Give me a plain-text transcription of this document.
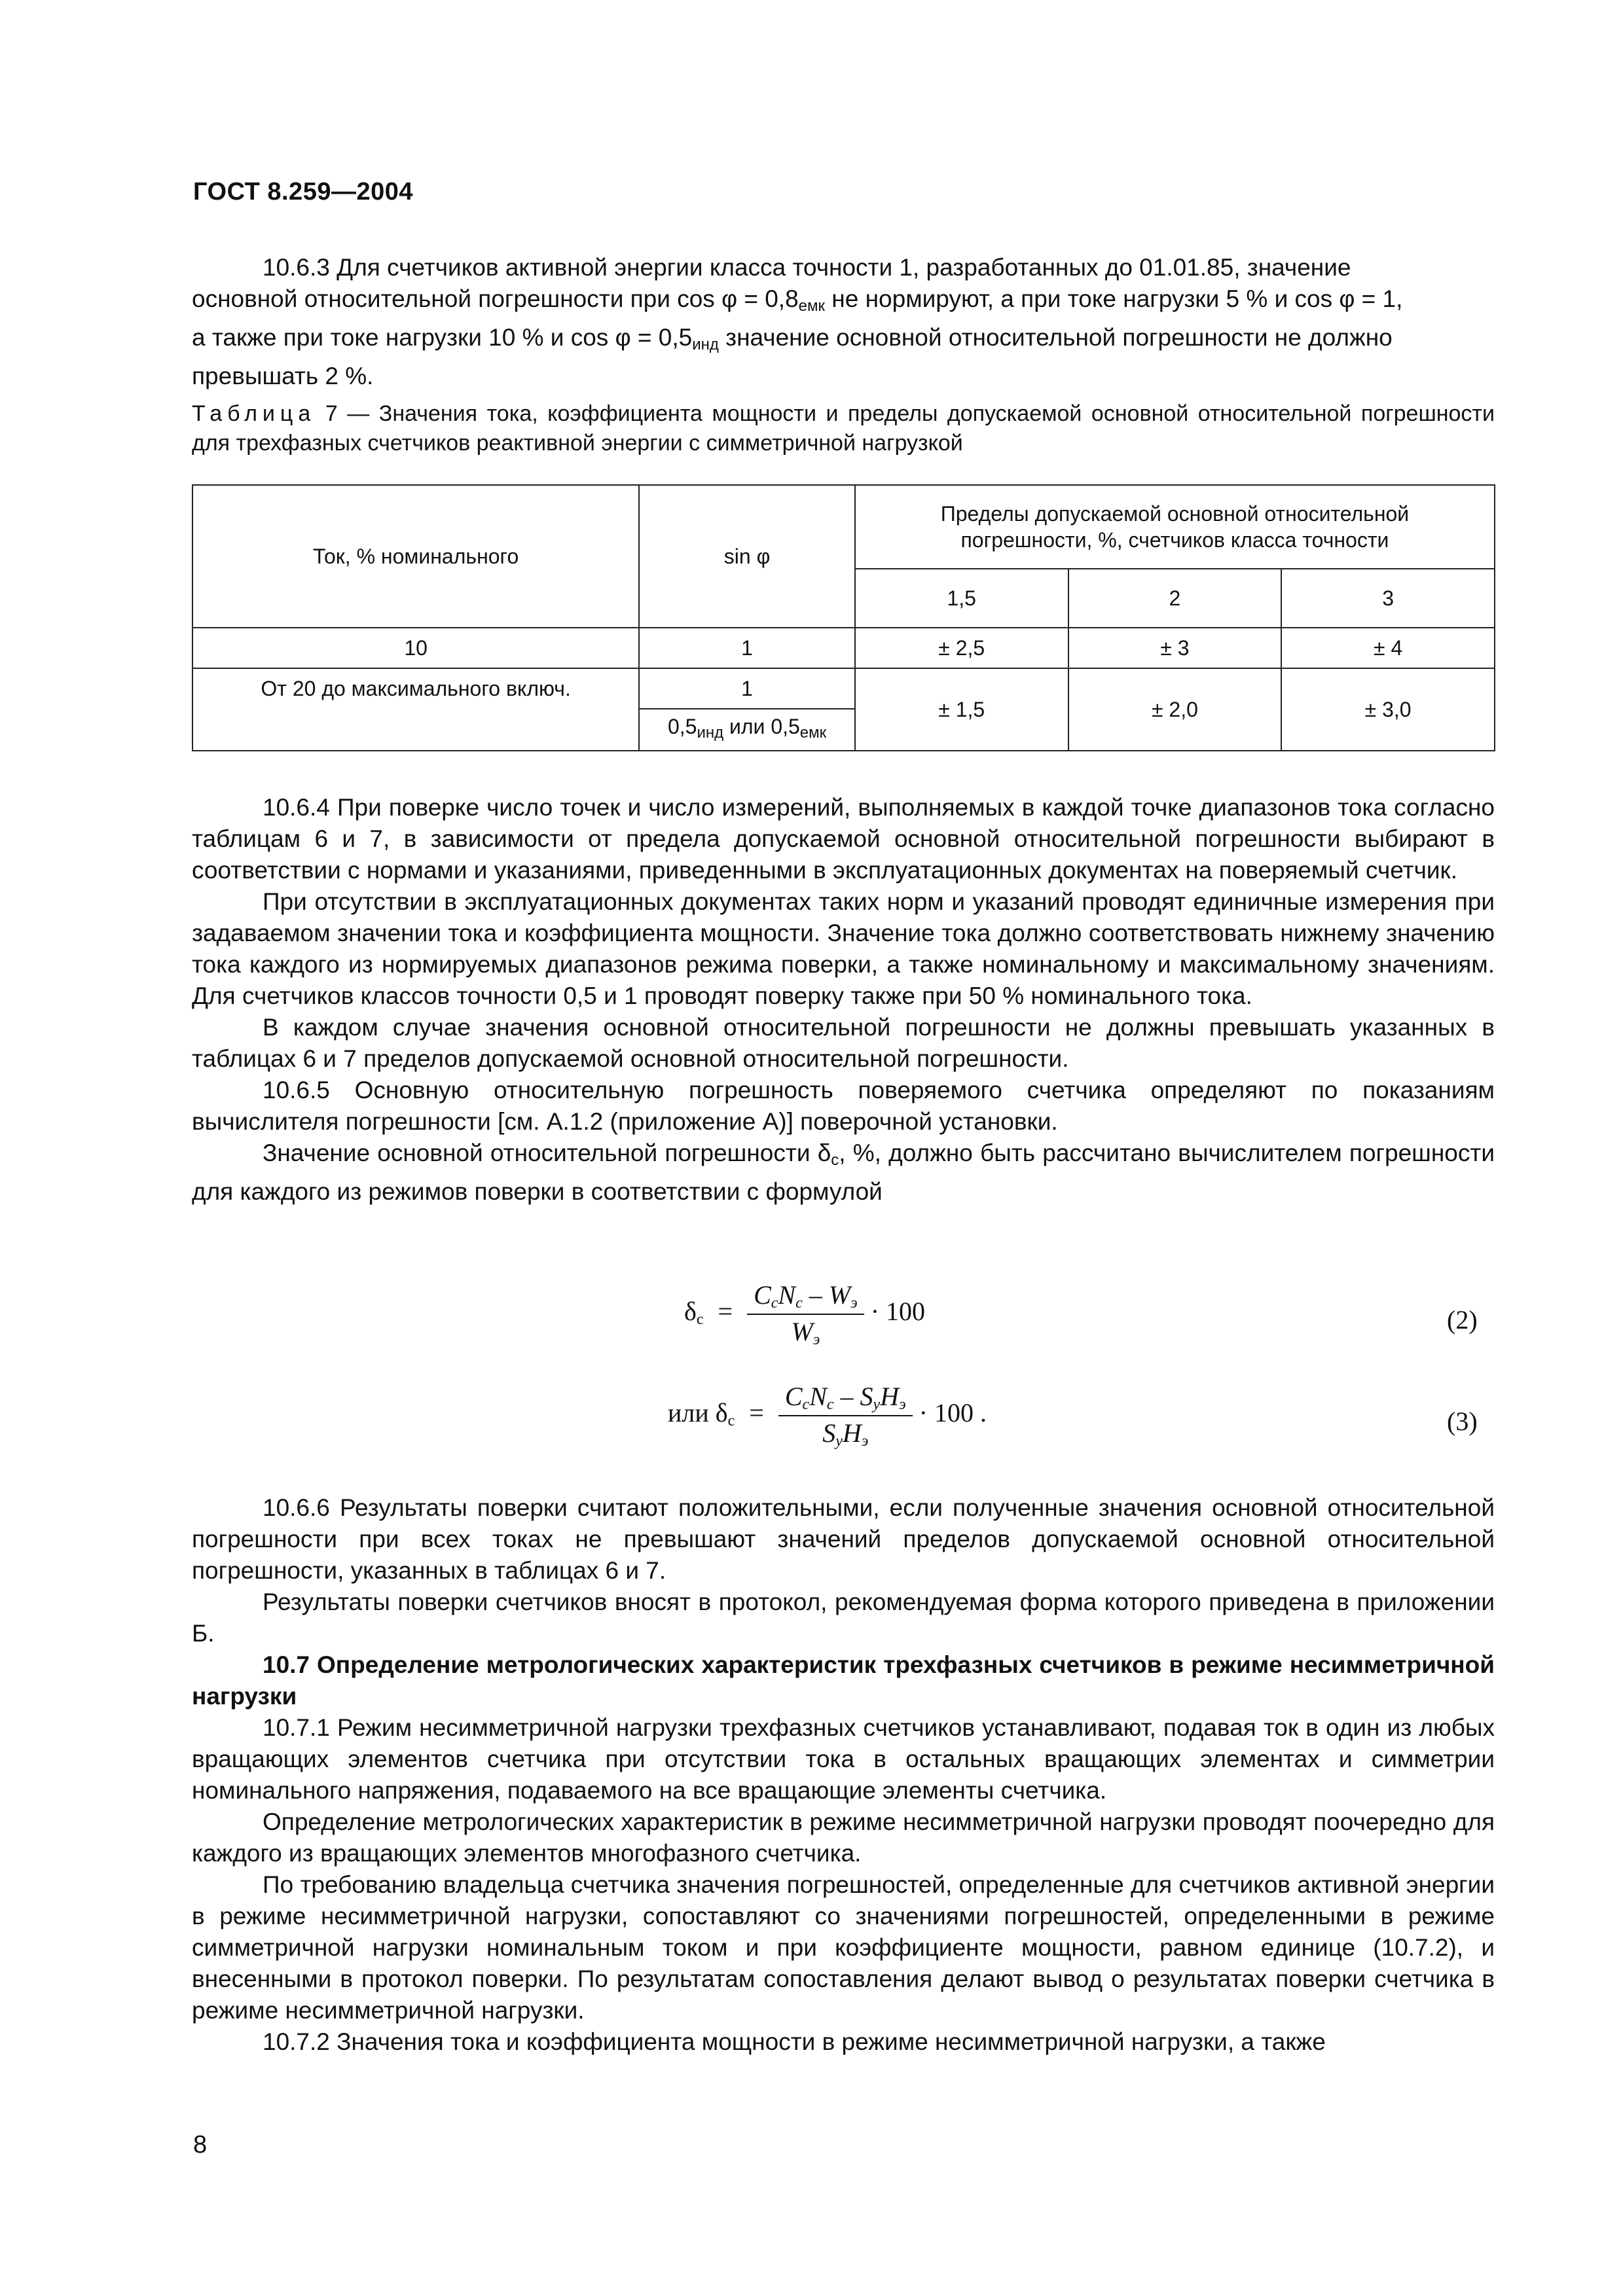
ГОСТ 8.259—2004
10.6.3 Для счетчиков активной энергии класса точности 1, разработанных до 01.01.85, значение
основной относительной погрешности при $\cos \varphi = 0,8_{емк}$ не нормируют, а при токе нагрузки 5 % и cos φ = 1,
а также при токе нагрузки 10 % и $\cos \varphi = 0,5_{инд}$ значение основной относительной погрешности не должно
превышать 2 %.
Таблица 7 — Значения тока, коэффициента мощности и пределы допускаемой основной относительной погрешности для трехфазных счетчиков реактивной энергии с симметричной нагрузкой
Ток, % номинального	sin φ	Пределы допускаемой основной относительной погрешности, %, счетчиков класса точности		
		1,5	2	3
10	1	± 2,5	± 3	± 4
От 20 до максимального включ.	1	± 1,5	± 2,0	± 3,0
	$0,5_{инд}$ или $0,5_{емк}$

10.6.4 При поверке число точек и число измерений, выполняемых в каждой точке диапазонов тока согласно таблицам 6 и 7, в зависимости от предела допускаемой основной относительной погрешности выбирают в соответствии с нормами и указаниями, приведенными в эксплуатационных документах на поверяемый счетчик.

При отсутствии в эксплуатационных документах таких норм и указаний проводят единичные измерения при задаваемом значении тока и коэффициента мощности. Значение тока должно соответствовать нижнему значению тока каждого из нормируемых диапазонов режима поверки, а также номинальному и максимальному значениям. Для счетчиков классов точности 0,5 и 1 проводят поверку также при 50 % номинального тока.

В каждом случае значения основной относительной погрешности не должны превышать указанных в таблицах 6 и 7 пределов допускаемой основной относительной погрешности.

10.6.5 Основную относительную погрешность поверяемого счетчика определяют по показаниям вычислителя погрешности [см. А.1.2 (приложение А)] поверочной установки.

Значение основной относительной погрешности $\delta_с$, %, должно быть рассчитано вычислителем погрешности для каждого из режимов поверки в соответствии с формулой

$\delta_с = \frac{C_сN_с - W_э}{W_э} \cdot 100$	(2)
или $\delta_с = \frac{C_сN_с - S_уH_э}{S_уH_э} \cdot 100$ .	(3)

10.6.6 Результаты поверки считают положительными, если полученные значения основной относительной погрешности при всех токах не превышают значений пределов допускаемой основной относительной погрешности, указанных в таблицах 6 и 7.

Результаты поверки счетчиков вносят в протокол, рекомендуемая форма которого приведена в приложении Б.

10.7 Определение метрологических характеристик трехфазных счетчиков в режиме несимметричной нагрузки

10.7.1 Режим несимметричной нагрузки трехфазных счетчиков устанавливают, подавая ток в один из любых вращающих элементов счетчика при отсутствии тока в остальных вращающих элементах и симметрии номинального напряжения, подаваемого на все вращающие элементы счетчика.

Определение метрологических характеристик в режиме несимметричной нагрузки проводят поочередно для каждого из вращающих элементов многофазного счетчика.

По требованию владельца счетчика значения погрешностей, определенные для счетчиков активной энергии в режиме несимметричной нагрузки, сопоставляют со значениями погрешностей, определенными в режиме симметричной нагрузки номинальным током и при коэффициенте мощности, равном единице (10.7.2), и внесенными в протокол поверки. По результатам сопоставления делают вывод о результатах поверки счетчика в режиме несимметричной нагрузки.

10.7.2 Значения тока и коэффициента мощности в режиме несимметричной нагрузки, а также

8
